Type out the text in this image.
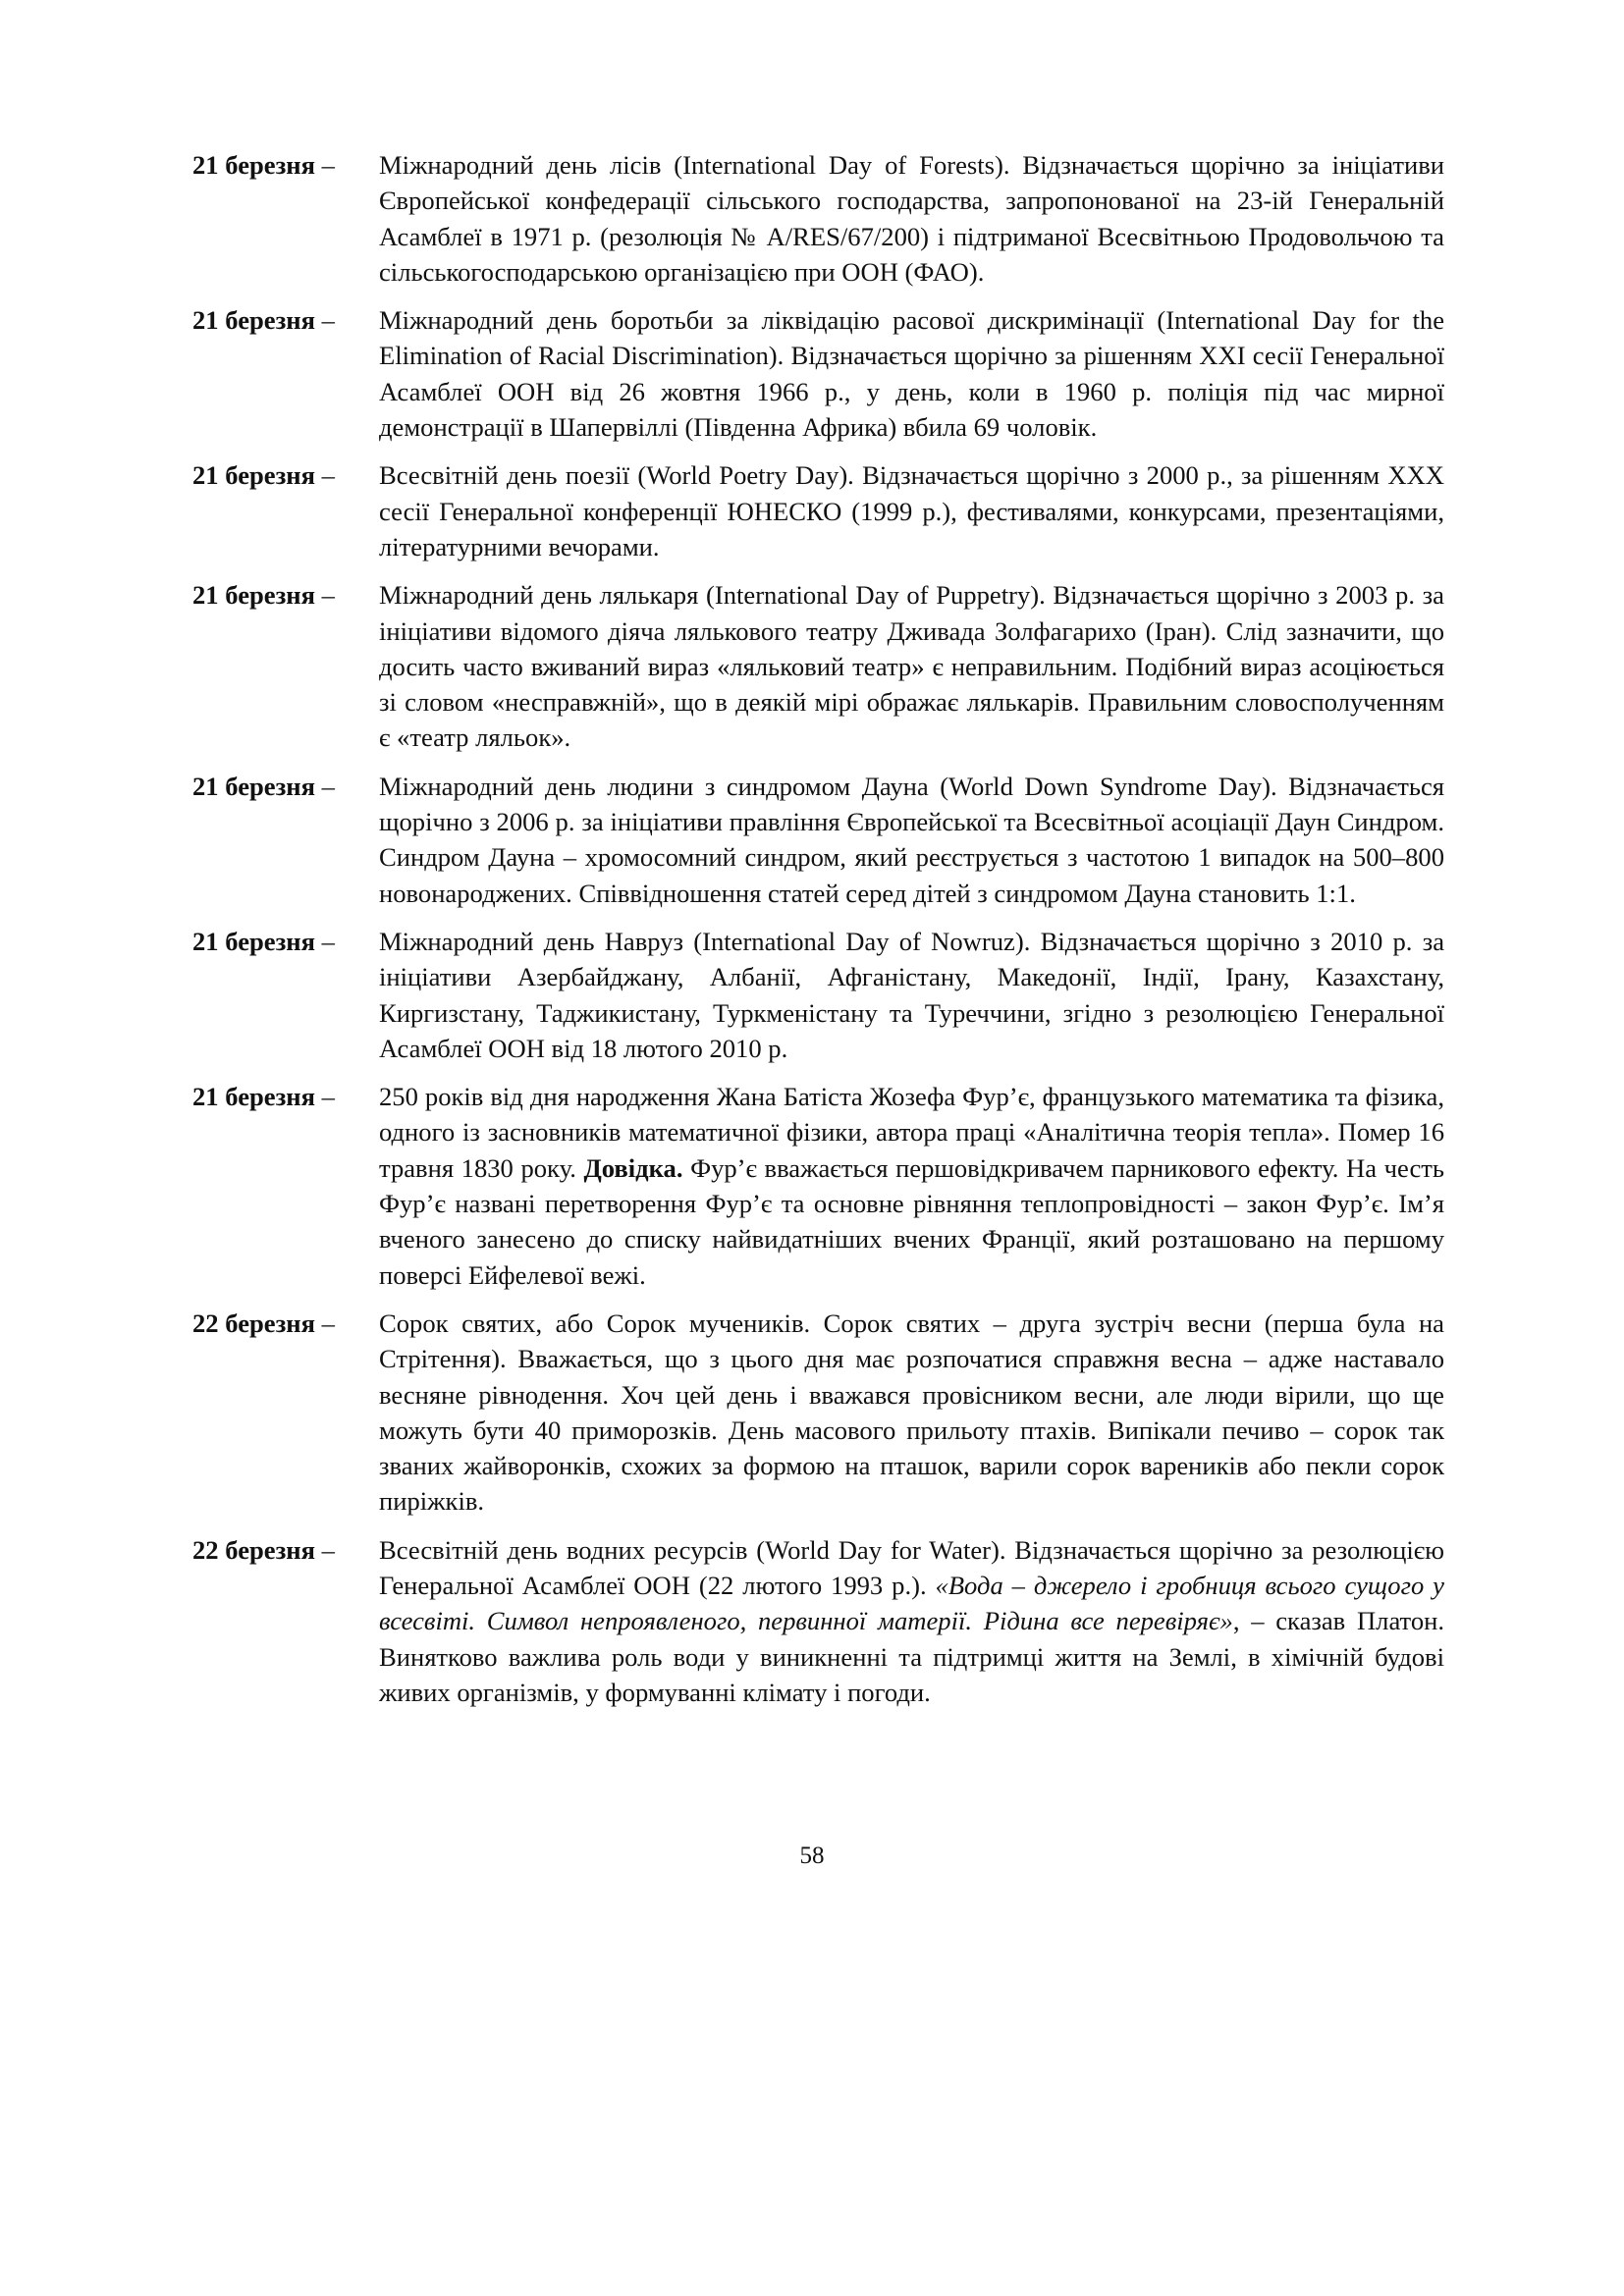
21 березня –	Міжнародний день лісів (International Day of Forests). Відзначається щорічно за ініціативи Європейської конфедерації сільського господарства, запропонованої на 23-ій Генеральній Асамблеї в 1971 р. (резолюція № A/RES/67/200) і підтриманої Всесвітньою Продовольчою та сільськогосподарською організацією при ООН (ФАО).
21 березня –	Міжнародний день боротьби за ліквідацію расової дискримінації (International Day for the Elimination of Racial Discrimination). Відзначається щорічно за рішенням XXI сесії Генеральної Асамблеї ООН від 26 жовтня 1966 р., у день, коли в 1960 р. поліція під час мирної демонстрації в Шапервіллі (Південна Африка) вбила 69 чоловік.
21 березня –	Всесвітній день поезії (World Poetry Day). Відзначається щорічно з 2000 р., за рішенням XXX сесії Генеральної конференції ЮНЕСКО (1999 р.), фестивалями, конкурсами, презентаціями, літературними вечорами.
21 березня –	Міжнародний день лялькаря (International Day of Puppetry). Відзначається щорічно з 2003 р. за ініціативи відомого діяча лялькового театру Дживада Золфагарихо (Іран). Слід зазначити, що досить часто вживаний вираз «ляльковий театр» є неправильним. Подібний вираз асоціюється зі словом «несправжній», що в деякій мірі ображає лялькарів. Правильним словосполученням є «театр ляльок».
21 березня –	Міжнародний день людини з синдромом Дауна (World Down Syndrome Day). Відзначається щорічно з 2006 р. за ініціативи правління Європейської та Всесвітньої асоціації Даун Синдром. Синдром Дауна – хромосомний синдром, який реєструється з частотою 1 випадок на 500–800 новонароджених. Співвідношення статей серед дітей з синдромом Дауна становить 1:1.
21 березня –	Міжнародний день Навруз (International Day of Nowruz). Відзначається щорічно з 2010 р. за ініціативи Азербайджану, Албанії, Афганістану, Македонії, Індії, Ірану, Казахстану, Киргизстану, Таджикистану, Туркменістану та Туреччини, згідно з резолюцією Генеральної Асамблеї ООН від 18 лютого 2010 р.
21 березня –	250 років від дня народження Жана Батіста Жозефа Фур’є, французького математика та фізика, одного із засновників математичної фізики, автора праці «Аналітична теорія тепла». Помер 16 травня 1830 року. Довідка. Фур’є вважається першовідкривачем парникового ефекту. На честь Фур’є названі перетворення Фур’є та основне рівняння теплопровідності – закон Фур’є. Ім’я вченого занесено до списку найвидатніших вчених Франції, який розташовано на першому поверсі Ейфелевої вежі.
22 березня –	Сорок святих, або Сорок мучеників. Сорок святих – друга зустріч весни (перша була на Стрітення). Вважається, що з цього дня має розпочатися справжня весна – адже наставало весняне рівнодення. Хоч цей день і вважався провісником весни, але люди вірили, що ще можуть бути 40 приморозків. День масового прильоту птахів. Випікали печиво – сорок так званих жайворонків, схожих за формою на пташок, варили сорок вареників або пекли сорок пиріжків.
22 березня –	Всесвітній день водних ресурсів (World Day for Water). Відзначається щорічно за резолюцією Генеральної Асамблеї ООН (22 лютого 1993 р.). «Вода – джерело і гробниця всього сущого у всесвіті. Символ непроявленого, первинної матерії. Рідина все перевіряє», – сказав Платон. Винятково важлива роль води у виникненні та підтримці життя на Землі, в хімічній будові живих організмів, у формуванні клімату і погоди.
58
